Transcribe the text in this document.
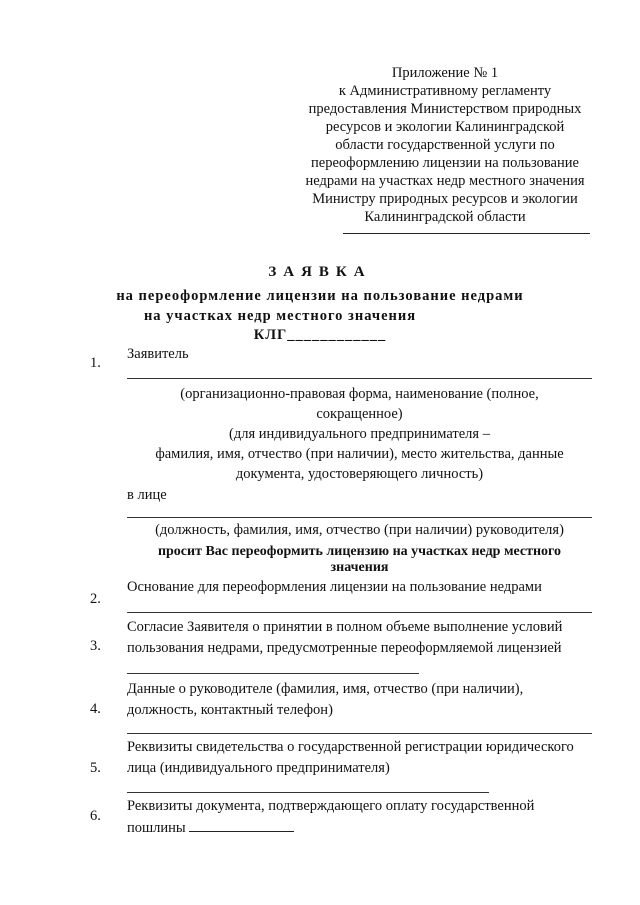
Приложение № 1
к Административному регламенту
предоставления Министерством природных
ресурсов и экологии Калининградской
области государственной услуги по
переоформлению лицензии на пользование
недрами на участках недр местного значения
Министру природных ресурсов и экологии
Калининградской области
ЗАЯВКА
на переоформление лицензии на пользование недрами
на участках недр местного значения
КЛГ____________
1.
Заявитель
(организационно-правовая форма, наименование (полное,
сокращенное)
(для индивидуального предпринимателя –
фамилия, имя, отчество (при наличии), место жительства, данные
документа, удостоверяющего личность)
в лице
(должность, фамилия, имя, отчество (при наличии) руководителя)
просит Вас переоформить лицензию на участках недр местного
значения
2.
Основание для переоформления лицензии на пользование недрами
3.
Согласие Заявителя о принятии в полном объеме выполнение условий
пользования недрами, предусмотренные переоформляемой лицензией
4.
Данные о руководителе (фамилия, имя, отчество (при наличии),
должность, контактный телефон)
5.
Реквизиты свидетельства о государственной регистрации юридического
лица (индивидуального предпринимателя)
6.
Реквизиты документа, подтверждающего оплату государственной
пошлины
